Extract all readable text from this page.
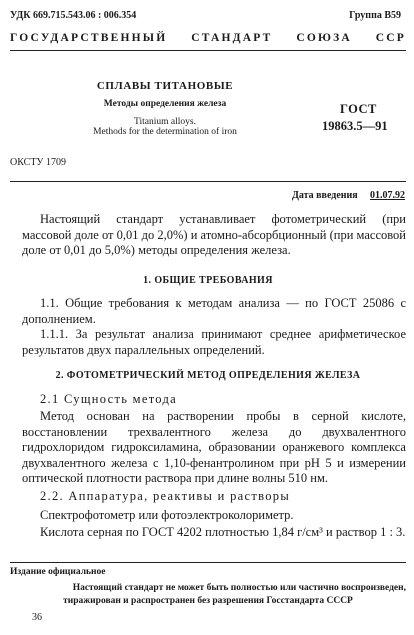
УДК 669.715.543.06 : 006.354	Группа В59
ГОСУДАРСТВЕННЫЙ СТАНДАРТ СОЮЗА ССР
СПЛАВЫ ТИТАНОВЫЕ
Методы определения железа
Titanium alloys.
Methods for the determination of iron
ГОСТ
19863.5—91
ОКСТУ 1709
Дата введения 01.07.92
Настоящий стандарт устанавливает фотометрический (при массовой доле от 0,01 до 2,0%) и атомно-абсорбционный (при массовой доле от 0,01 до 5,0%) методы определения железа.
1. ОБЩИЕ ТРЕБОВАНИЯ
1.1. Общие требования к методам анализа — по ГОСТ 25086 с дополнением.
1.1.1. За результат анализа принимают среднее арифметическое результатов двух параллельных определений.
2. ФОТОМЕТРИЧЕСКИЙ МЕТОД ОПРЕДЕЛЕНИЯ ЖЕЛЕЗА
2.1 Сущность метода
Метод основан на растворении пробы в серной кислоте, восстановлении трехвалентного железа до двухвалентного гидрохлоридом гидроксиламина, образовании оранжевого комплекса двухвалентного железа с 1,10-фенантролином при pH 5 и измерении оптической плотности раствора при длине волны 510 нм.
2.2. Аппаратура, реактивы и растворы
Спектрофотометр или фотоэлектроколориметр.
Кислота серная по ГОСТ 4202 плотностью 1,84 г/см³ и раствор 1 : 3.
Издание официальное
Настоящий стандарт не может быть полностью или частично воспроизведен,
тиражирован и распространен без разрешения Госстандарта СССР
36
